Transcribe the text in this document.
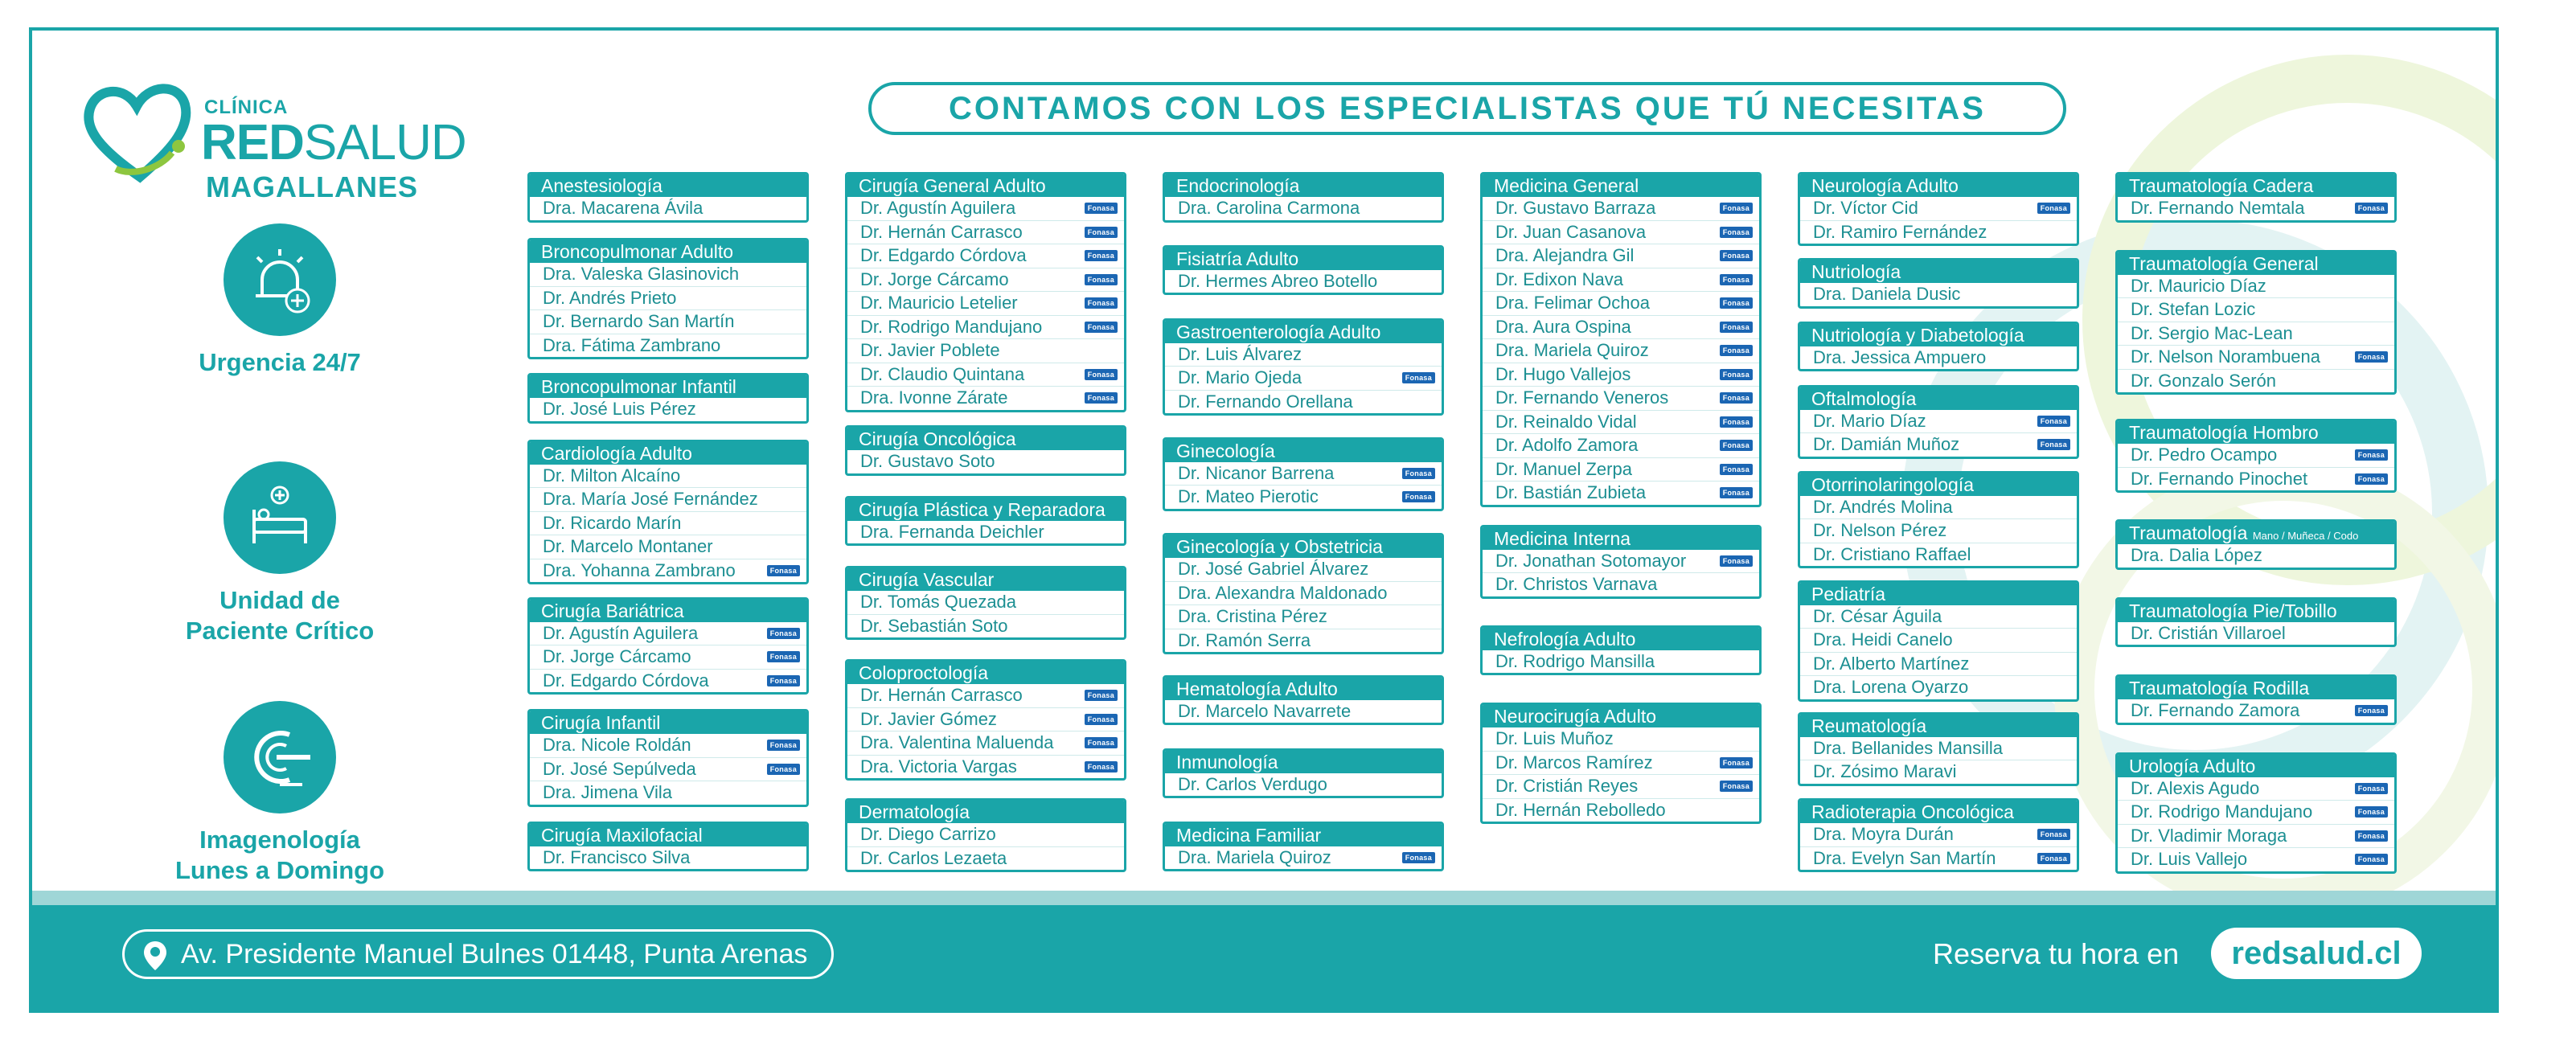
CLÍNICA
REDSALUD
MAGALLANES
CONTAMOS CON LOS ESPECIALISTAS QUE TÚ NECESITAS
Urgencia 24/7
Unidad de
Paciente Crítico
Imagenología
Lunes a Domingo
Anestesiología
Dra. Macarena Ávila
Broncopulmonar Adulto
Dra. Valeska Glasinovich
Dr. Andrés Prieto
Dr. Bernardo San Martín
Dra. Fátima Zambrano
Broncopulmonar Infantil
Dr. José Luis Pérez
Cardiología Adulto
Dr. Milton Alcaíno
Dra. María José Fernández
Dr. Ricardo Marín
Dr. Marcelo Montaner
Dra. Yohanna Zambrano	Fonasa
Cirugía Bariátrica
Dr. Agustín Aguilera	Fonasa
Dr. Jorge Cárcamo	Fonasa
Dr. Edgardo Córdova	Fonasa
Cirugía Infantil
Dra. Nicole Roldán	Fonasa
Dr. José Sepúlveda	Fonasa
Dra. Jimena Vila
Cirugía Maxilofacial
Dr. Francisco Silva
Cirugía General Adulto
Dr. Agustín Aguilera	Fonasa
Dr. Hernán Carrasco	Fonasa
Dr. Edgardo Córdova	Fonasa
Dr. Jorge Cárcamo	Fonasa
Dr. Mauricio Letelier	Fonasa
Dr. Rodrigo Mandujano	Fonasa
Dr. Javier Poblete
Dr. Claudio Quintana	Fonasa
Dra. Ivonne Zárate	Fonasa
Cirugía Oncológica
Dr. Gustavo Soto
Cirugía Plástica y Reparadora
Dra. Fernanda Deichler
Cirugía Vascular
Dr. Tomás Quezada
Dr. Sebastián Soto
Coloproctología
Dr. Hernán Carrasco	Fonasa
Dr. Javier Gómez	Fonasa
Dra. Valentina Maluenda	Fonasa
Dra. Victoria Vargas	Fonasa
Dermatología
Dr. Diego Carrizo
Dr. Carlos Lezaeta
Endocrinología
Dra. Carolina Carmona
Fisiatría Adulto
Dr. Hermes Abreo Botello
Gastroenterología Adulto
Dr. Luis Álvarez
Dr. Mario Ojeda	Fonasa
Dr. Fernando Orellana
Ginecología
Dr. Nicanor Barrena	Fonasa
Dr. Mateo Pierotic	Fonasa
Ginecología y Obstetricia
Dr. José Gabriel Álvarez
Dra. Alexandra Maldonado
Dra. Cristina Pérez
Dr. Ramón Serra
Hematología Adulto
Dr. Marcelo Navarrete
Inmunología
Dr. Carlos Verdugo
Medicina Familiar
Dra. Mariela Quiroz	Fonasa
Medicina General
Dr. Gustavo Barraza	Fonasa
Dr. Juan Casanova	Fonasa
Dra. Alejandra Gil	Fonasa
Dr. Edixon Nava	Fonasa
Dra. Felimar Ochoa	Fonasa
Dra. Aura Ospina	Fonasa
Dra. Mariela Quiroz	Fonasa
Dr. Hugo Vallejos	Fonasa
Dr. Fernando Veneros	Fonasa
Dr. Reinaldo Vidal	Fonasa
Dr. Adolfo Zamora	Fonasa
Dr. Manuel Zerpa	Fonasa
Dr. Bastián Zubieta	Fonasa
Medicina Interna
Dr. Jonathan Sotomayor	Fonasa
Dr. Christos Varnava
Nefrología Adulto
Dr. Rodrigo Mansilla
Neurocirugía Adulto
Dr. Luis Muñoz
Dr. Marcos Ramírez	Fonasa
Dr. Cristián Reyes	Fonasa
Dr. Hernán Rebolledo
Neurología Adulto
Dr. Víctor Cid	Fonasa
Dr. Ramiro Fernández
Nutriología
Dra. Daniela Dusic
Nutriología y Diabetología
Dra. Jessica Ampuero
Oftalmología
Dr. Mario Díaz	Fonasa
Dr. Damián Muñoz	Fonasa
Otorrinolaringología
Dr. Andrés Molina
Dr. Nelson Pérez
Dr. Cristiano Raffael
Pediatría
Dr. César Águila
Dra. Heidi Canelo
Dr. Alberto Martínez
Dra. Lorena Oyarzo
Reumatología
Dra. Bellanides Mansilla
Dr. Zósimo Maravi
Radioterapia Oncológica
Dra. Moyra Durán	Fonasa
Dra. Evelyn San Martín	Fonasa
Traumatología Cadera
Dr. Fernando Nemtala	Fonasa
Traumatología General
Dr. Mauricio Díaz
Dr. Stefan Lozic
Dr. Sergio Mac-Lean
Dr. Nelson Norambuena	Fonasa
Dr. Gonzalo Serón
Traumatología Hombro
Dr. Pedro Ocampo	Fonasa
Dr. Fernando Pinochet	Fonasa
Traumatología Mano / Muñeca / Codo
Dra. Dalia López
Traumatología Pie/Tobillo
Dr. Cristián Villaroel
Traumatología Rodilla
Dr. Fernando Zamora	Fonasa
Urología Adulto
Dr. Alexis Agudo	Fonasa
Dr. Rodrigo Mandujano	Fonasa
Dr. Vladimir Moraga	Fonasa
Dr. Luis Vallejo	Fonasa
Av. Presidente Manuel Bulnes 01448, Punta Arenas	Reserva tu hora en	redsalud.cl
